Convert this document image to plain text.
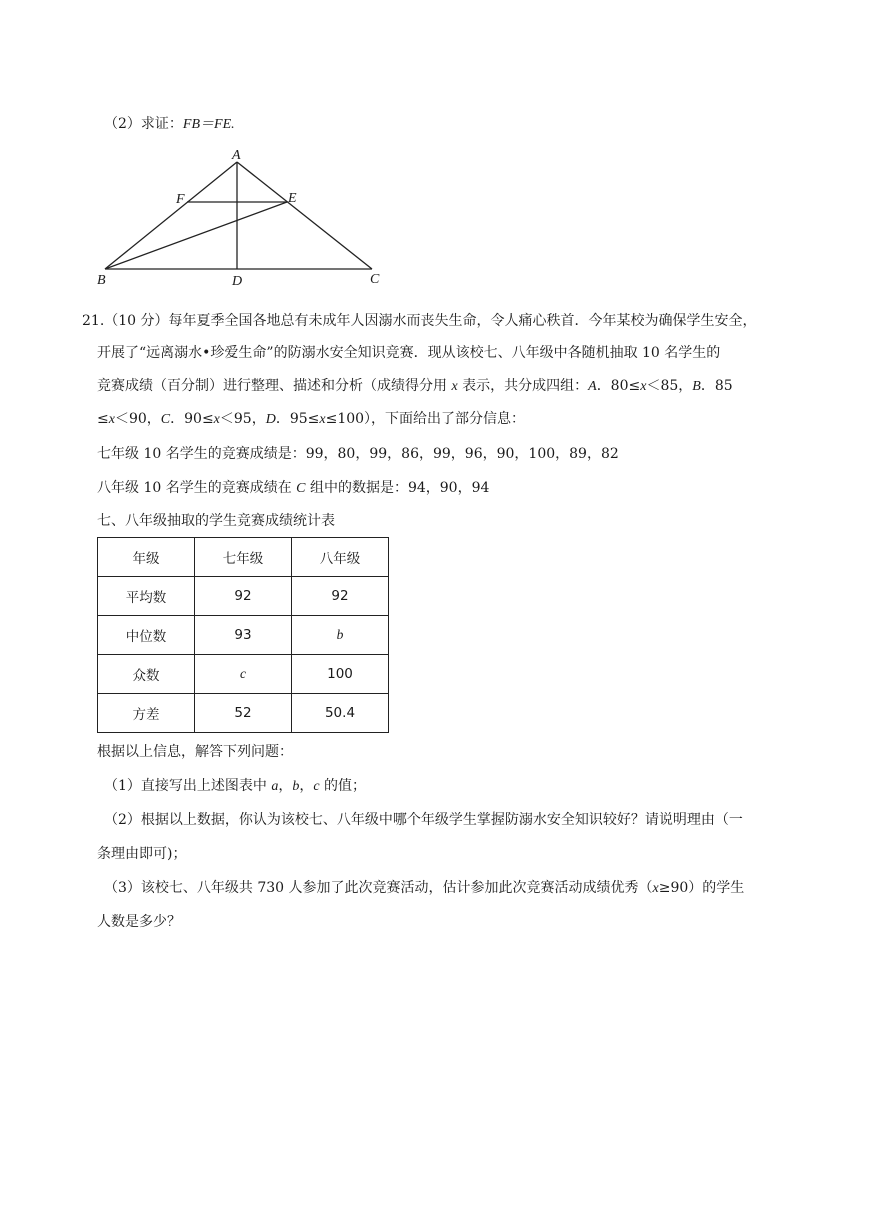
（2）求证：FB＝FE.
A
F	E
B	D	C
21.（10 分）每年夏季全国各地总有未成年人因溺水而丧失生命，令人痛心秩首．今年某校为确保学生安全，
开展了“远离溺水•珍爱生命”的防溺水安全知识竞赛．现从该校七、八年级中各随机抽取 10 名学生的
竞赛成绩（百分制）进行整理、描述和分析（成绩得分用 x 表示，共分成四组：A．80≤x＜85，B．85
≤x＜90，C．90≤x＜95，D．95≤x≤100），下面给出了部分信息：
七年级 10 名学生的竞赛成绩是：99，80，99，86，99，96，90，100，89，82
八年级 10 名学生的竞赛成绩在 C 组中的数据是：94，90，94
七、八年级抽取的学生竞赛成绩统计表
年级	七年级	八年级
平均数	92	92
中位数	93	b
众数	c	100
方差	52	50.4
根据以上信息，解答下列问题：
（1）直接写出上述图表中 a，b，c 的值；
（2）根据以上数据，你认为该校七、八年级中哪个年级学生掌握防溺水安全知识较好？请说明理由（一
条理由即可)；
（3）该校七、八年级共 730 人参加了此次竞赛活动，估计参加此次竞赛活动成绩优秀（x≥90）的学生
人数是多少？
